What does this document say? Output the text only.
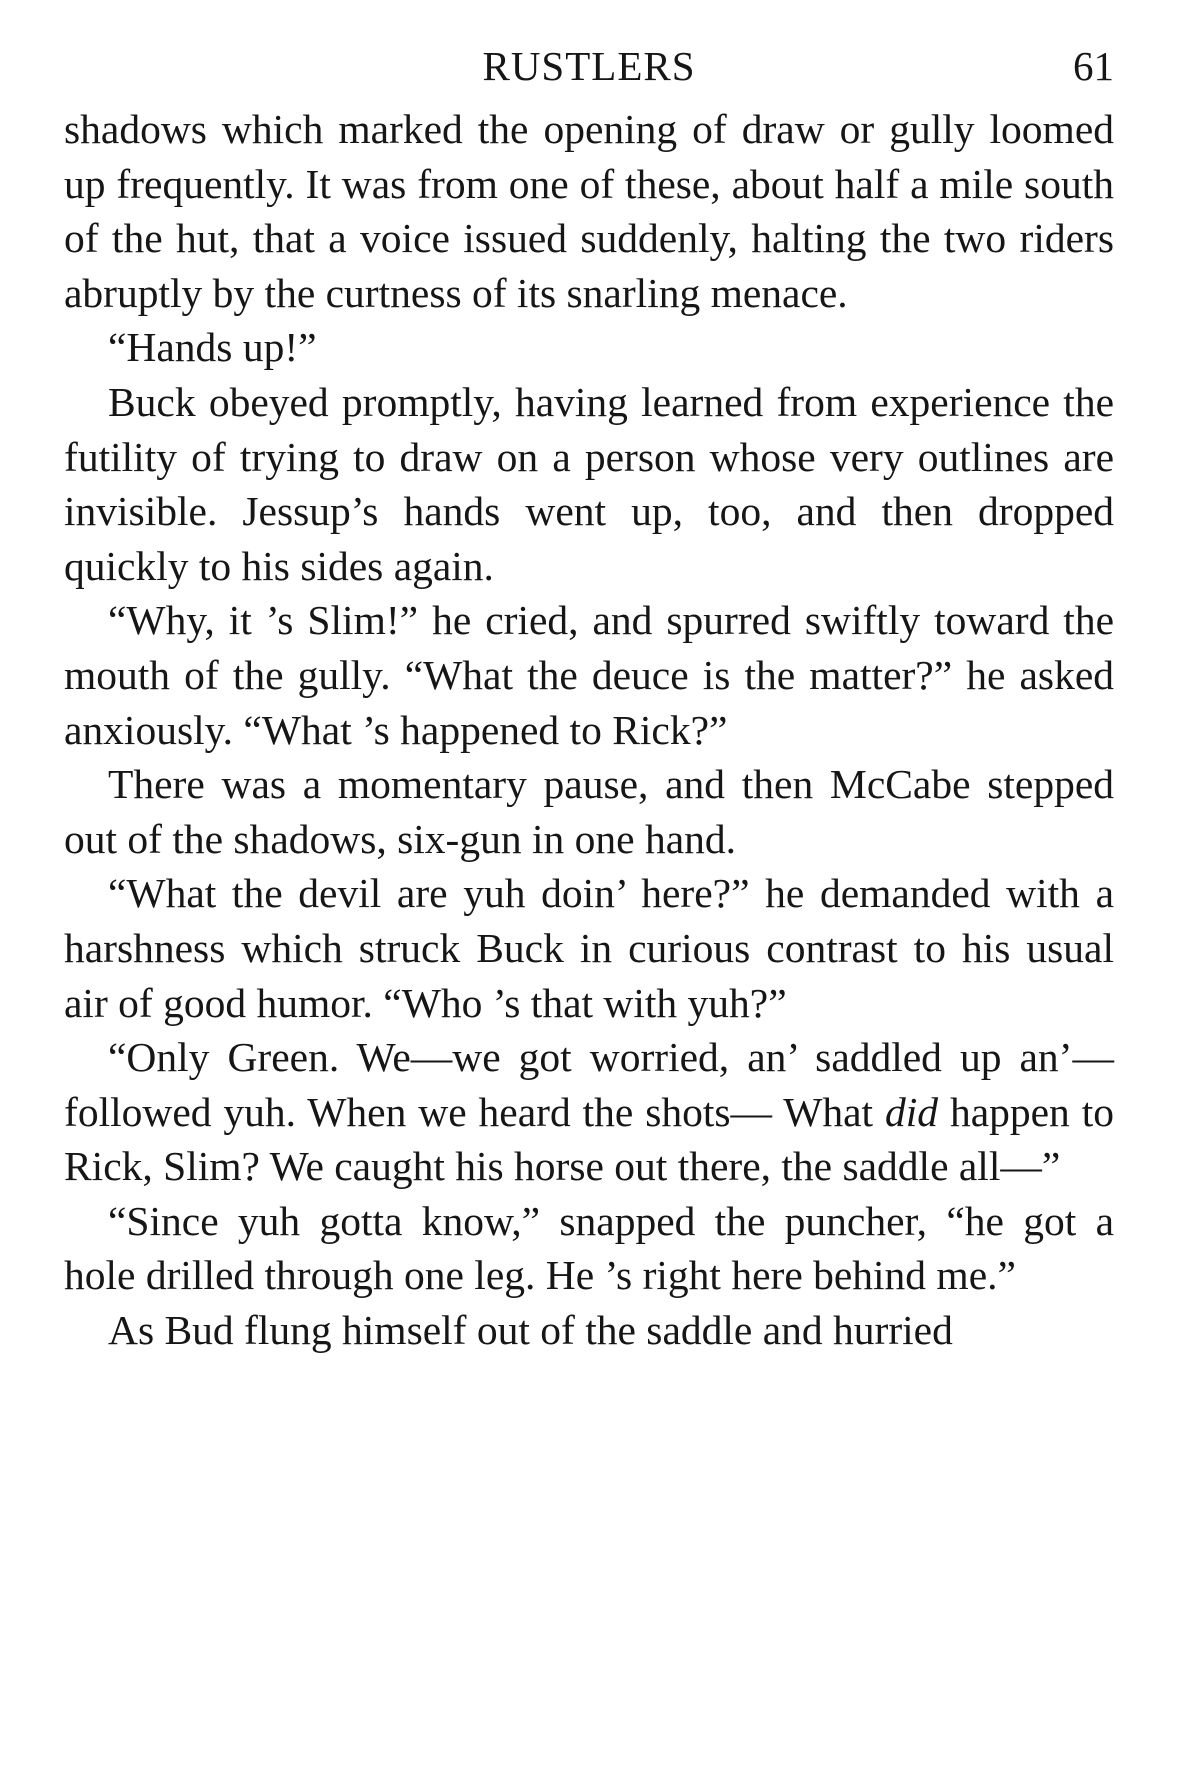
RUSTLERS	61

shadows which marked the opening of draw or gully loomed up frequently. It was from one of these, about half a mile south of the hut, that a voice issued suddenly, halting the two riders abruptly by the curtness of its snarling menace.

“Hands up!”

Buck obeyed promptly, having learned from experience the futility of trying to draw on a person whose very outlines are invisible. Jessup’s hands went up, too, and then dropped quickly to his sides again.

“Why, it ’s Slim!” he cried, and spurred swiftly toward the mouth of the gully. “What the deuce is the matter?” he asked anxiously. “What ’s happened to Rick?”

There was a momentary pause, and then McCabe stepped out of the shadows, six-gun in one hand.

“What the devil are yuh doin’ here?” he demanded with a harshness which struck Buck in curious contrast to his usual air of good humor. “Who ’s that with yuh?”

“Only Green. We—we got worried, an’ saddled up an’—followed yuh. When we heard the shots— What did happen to Rick, Slim? We caught his horse out there, the saddle all—”

“Since yuh gotta know,” snapped the puncher, “he got a hole drilled through one leg. He ’s right here behind me.”

As Bud flung himself out of the saddle and hurried
